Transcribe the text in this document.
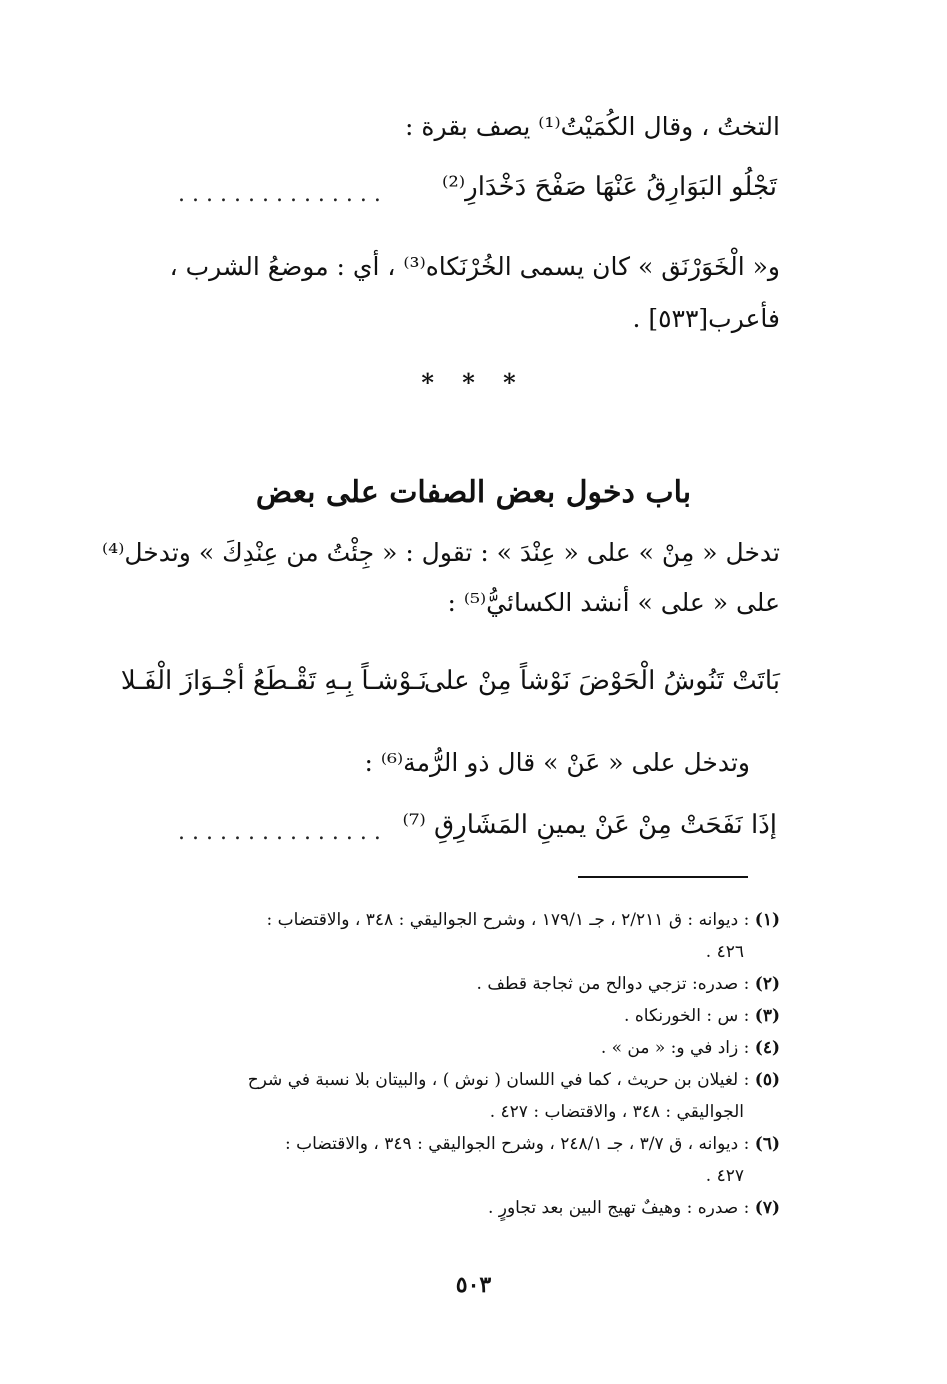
التختُ ، وقال الكُمَيْتُ⁽¹⁾ يصف بقرة :
............... تَجْلُو البَوَارِقُ عَنْهَا صَفْحَ دَخْدَارِ⁽²⁾
و« الْخَوَرْنَق » كان يسمى الخُرْنَكاه⁽³⁾ ، أي : موضعُ الشرب ،
فأعرب[٥٣٣] .
* * *
باب دخول بعض الصفات على بعض
تدخل « مِنْ » على « عِنْدَ » : تقول : « جِئْتُ من عِنْدِكَ » وتدخل⁽⁴⁾
على « على » أنشد الكسائيُّ⁽⁵⁾ :
بَاتَتْ تَنُوشُ الْحَوْضَ نَوْشاً مِنْ على
نَـوْشـاً بِـهِ تَقْـطَعُ أجْـوَازَ الْفَـلا
وتدخل على « عَنْ » قال ذو الرُّمة⁽⁶⁾ :
............... إذَا نَفَحَتْ مِنْ عَنْ يمينِ المَشَارِقِ ⁽⁷⁾
(١) : ديوانه : ق ٢/٢١١ ، جـ ١٧٩/١ ، وشرح الجواليقي : ٣٤٨ ، والاقتضاب :
٤٢٦ .
(٢) : صدره: تزجي دوالح من ثجاجة قطف .
(٣) : س : الخورنكاه .
(٤) : زاد في و: « من » .
(٥) : لغيلان بن حريث ، كما في اللسان ( نوش ) ، والبيتان بلا نسبة في شرح
الجواليقي : ٣٤٨ ، والاقتضاب : ٤٢٧ .
(٦) : ديوانه ، ق ٣/٧ ، جـ ٢٤٨/١ ، وشرح الجواليقي : ٣٤٩ ، والاقتضاب :
٤٢٧ .
(٧) : صدره : وهيفٌ تهيج البين بعد تجاورٍ .
٥٠٣
